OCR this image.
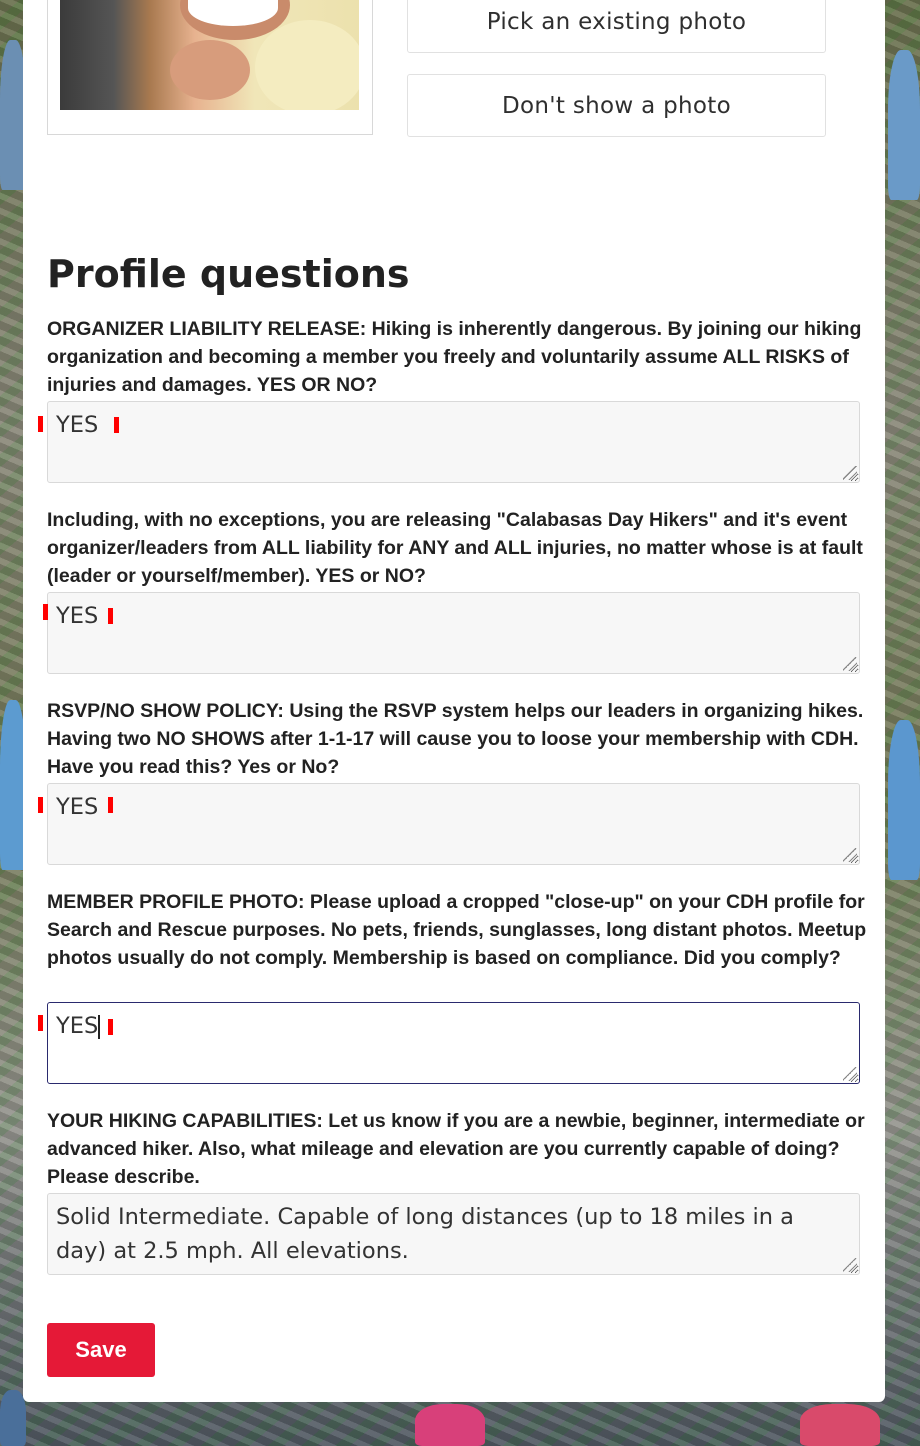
Pick an existing photo
Don't show a photo
Profile questions
ORGANIZER LIABILITY RELEASE: Hiking is inherently dangerous. By joining our hiking organization and becoming a member you freely and voluntarily assume ALL RISKS of injuries and damages. YES OR NO?
YES
Including, with no exceptions, you are releasing "Calabasas Day Hikers" and it's event organizer/leaders from ALL liability for ANY and ALL injuries, no matter whose is at fault (leader or yourself/member). YES or NO?
YES
RSVP/NO SHOW POLICY: Using the RSVP system helps our leaders in organizing hikes. Having two NO SHOWS after 1-1-17 will cause you to loose your membership with CDH. Have you read this? Yes or No?
YES
MEMBER PROFILE PHOTO: Please upload a cropped "close-up" on your CDH profile for Search and Rescue purposes. No pets, friends, sunglasses, long distant photos. Meetup photos usually do not comply. Membership is based on compliance. Did you comply?
YES
YOUR HIKING CAPABILITIES: Let us know if you are a newbie, beginner, intermediate or advanced hiker. Also, what mileage and elevation are you currently capable of doing? Please describe.
Solid Intermediate. Capable of long distances (up to 18 miles in a day) at 2.5 mph. All elevations.
Save
